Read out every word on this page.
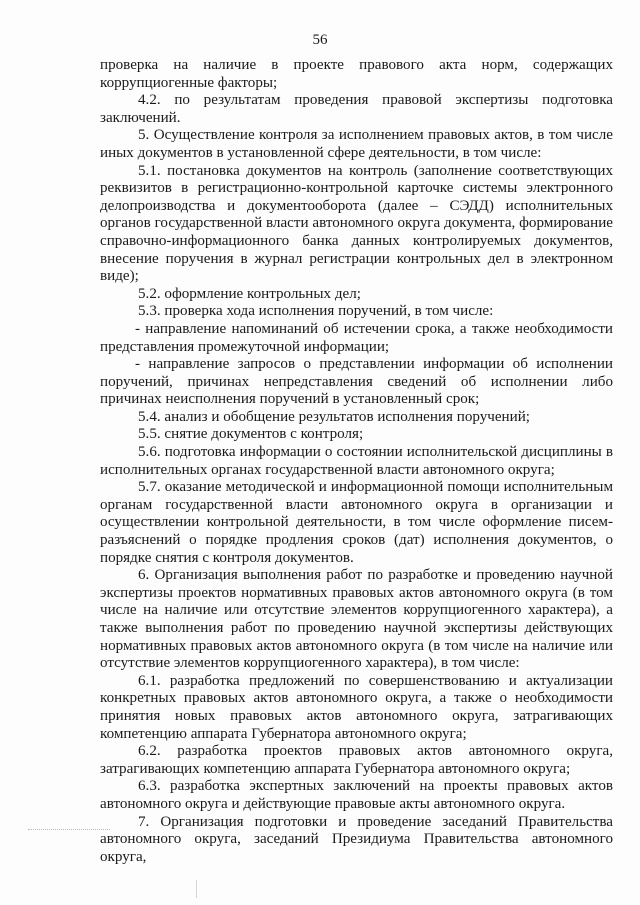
56

проверка на наличие в проекте правового акта норм, содержащих коррупциогенные факторы;

4.2. по результатам проведения правовой экспертизы подготовка заключений.

5. Осуществление контроля за исполнением правовых актов, в том числе иных документов в установленной сфере деятельности, в том числе:

5.1. постановка документов на контроль (заполнение соответствующих реквизитов в регистрационно-контрольной карточке системы электронного делопроизводства и документооборота (далее – СЭДД) исполнительных органов государственной власти автономного округа документа, формирование справочно-информационного банка данных контролируемых документов, внесение поручения в журнал регистрации контрольных дел в электронном виде);

5.2. оформление контрольных дел;

5.3. проверка хода исполнения поручений, в том числе:

- направление напоминаний об истечении срока, а также необходимости представления промежуточной информации;

- направление запросов о представлении информации об исполнении поручений, причинах непредставления сведений об исполнении либо причинах неисполнения поручений в установленный срок;

5.4. анализ и обобщение результатов исполнения поручений;

5.5. снятие документов с контроля;

5.6. подготовка информации о состоянии исполнительской дисциплины в исполнительных органах государственной власти автономного округа;

5.7. оказание методической и информационной помощи исполнительным органам государственной власти автономного округа в организации и осуществлении контрольной деятельности, в том числе оформление писем-разъяснений о порядке продления сроков (дат) исполнения документов, о порядке снятия с контроля документов.

6. Организация выполнения работ по разработке и проведению научной экспертизы проектов нормативных правовых актов автономного округа (в том числе на наличие или отсутствие элементов коррупциогенного характера), а также выполнения работ по проведению научной экспертизы действующих нормативных правовых актов автономного округа (в том числе на наличие или отсутствие элементов коррупциогенного характера), в том числе:

6.1. разработка предложений по совершенствованию и актуализации конкретных правовых актов автономного округа, а также о необходимости принятия новых правовых актов автономного округа, затрагивающих компетенцию аппарата Губернатора автономного округа;

6.2. разработка проектов правовых актов автономного округа, затрагивающих компетенцию аппарата Губернатора автономного округа;

6.3. разработка экспертных заключений на проекты правовых актов автономного округа и действующие правовые акты автономного округа.

7. Организация подготовки и проведение заседаний Правительства автономного округа, заседаний Президиума Правительства автономного округа,
